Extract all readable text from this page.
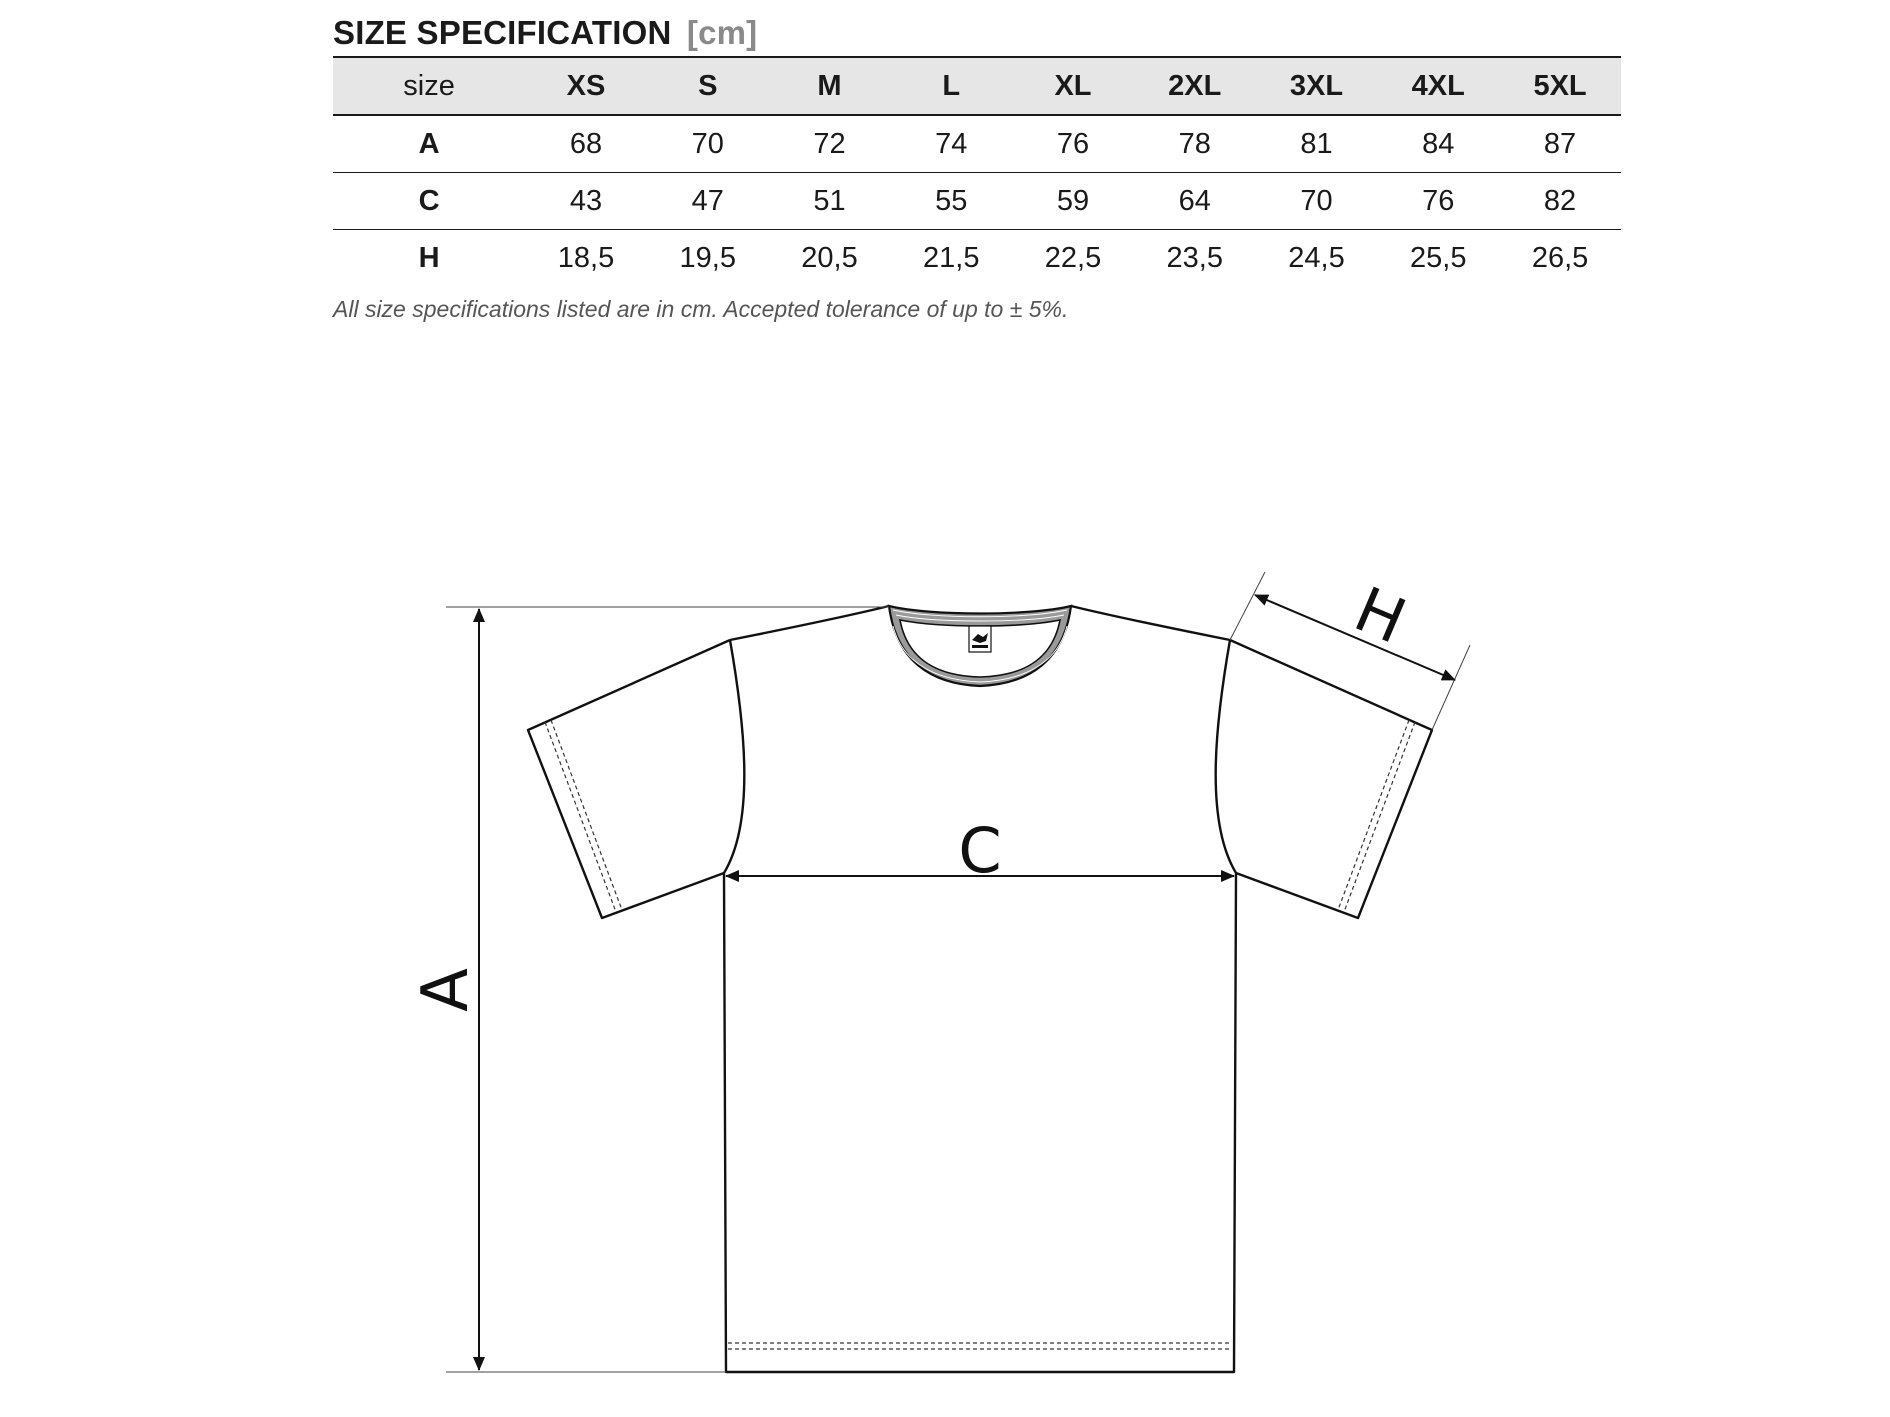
SIZE SPECIFICATION [cm]
size	XS	S	M	L	XL	2XL	3XL	4XL	5XL
A	68	70	72	74	76	78	81	84	87
C	43	47	51	55	59	64	70	76	82
H	18,5	19,5	20,5	21,5	22,5	23,5	24,5	25,5	26,5

All size specifications listed are in cm. Accepted tolerance of up to ± 5%.

A
C
H
